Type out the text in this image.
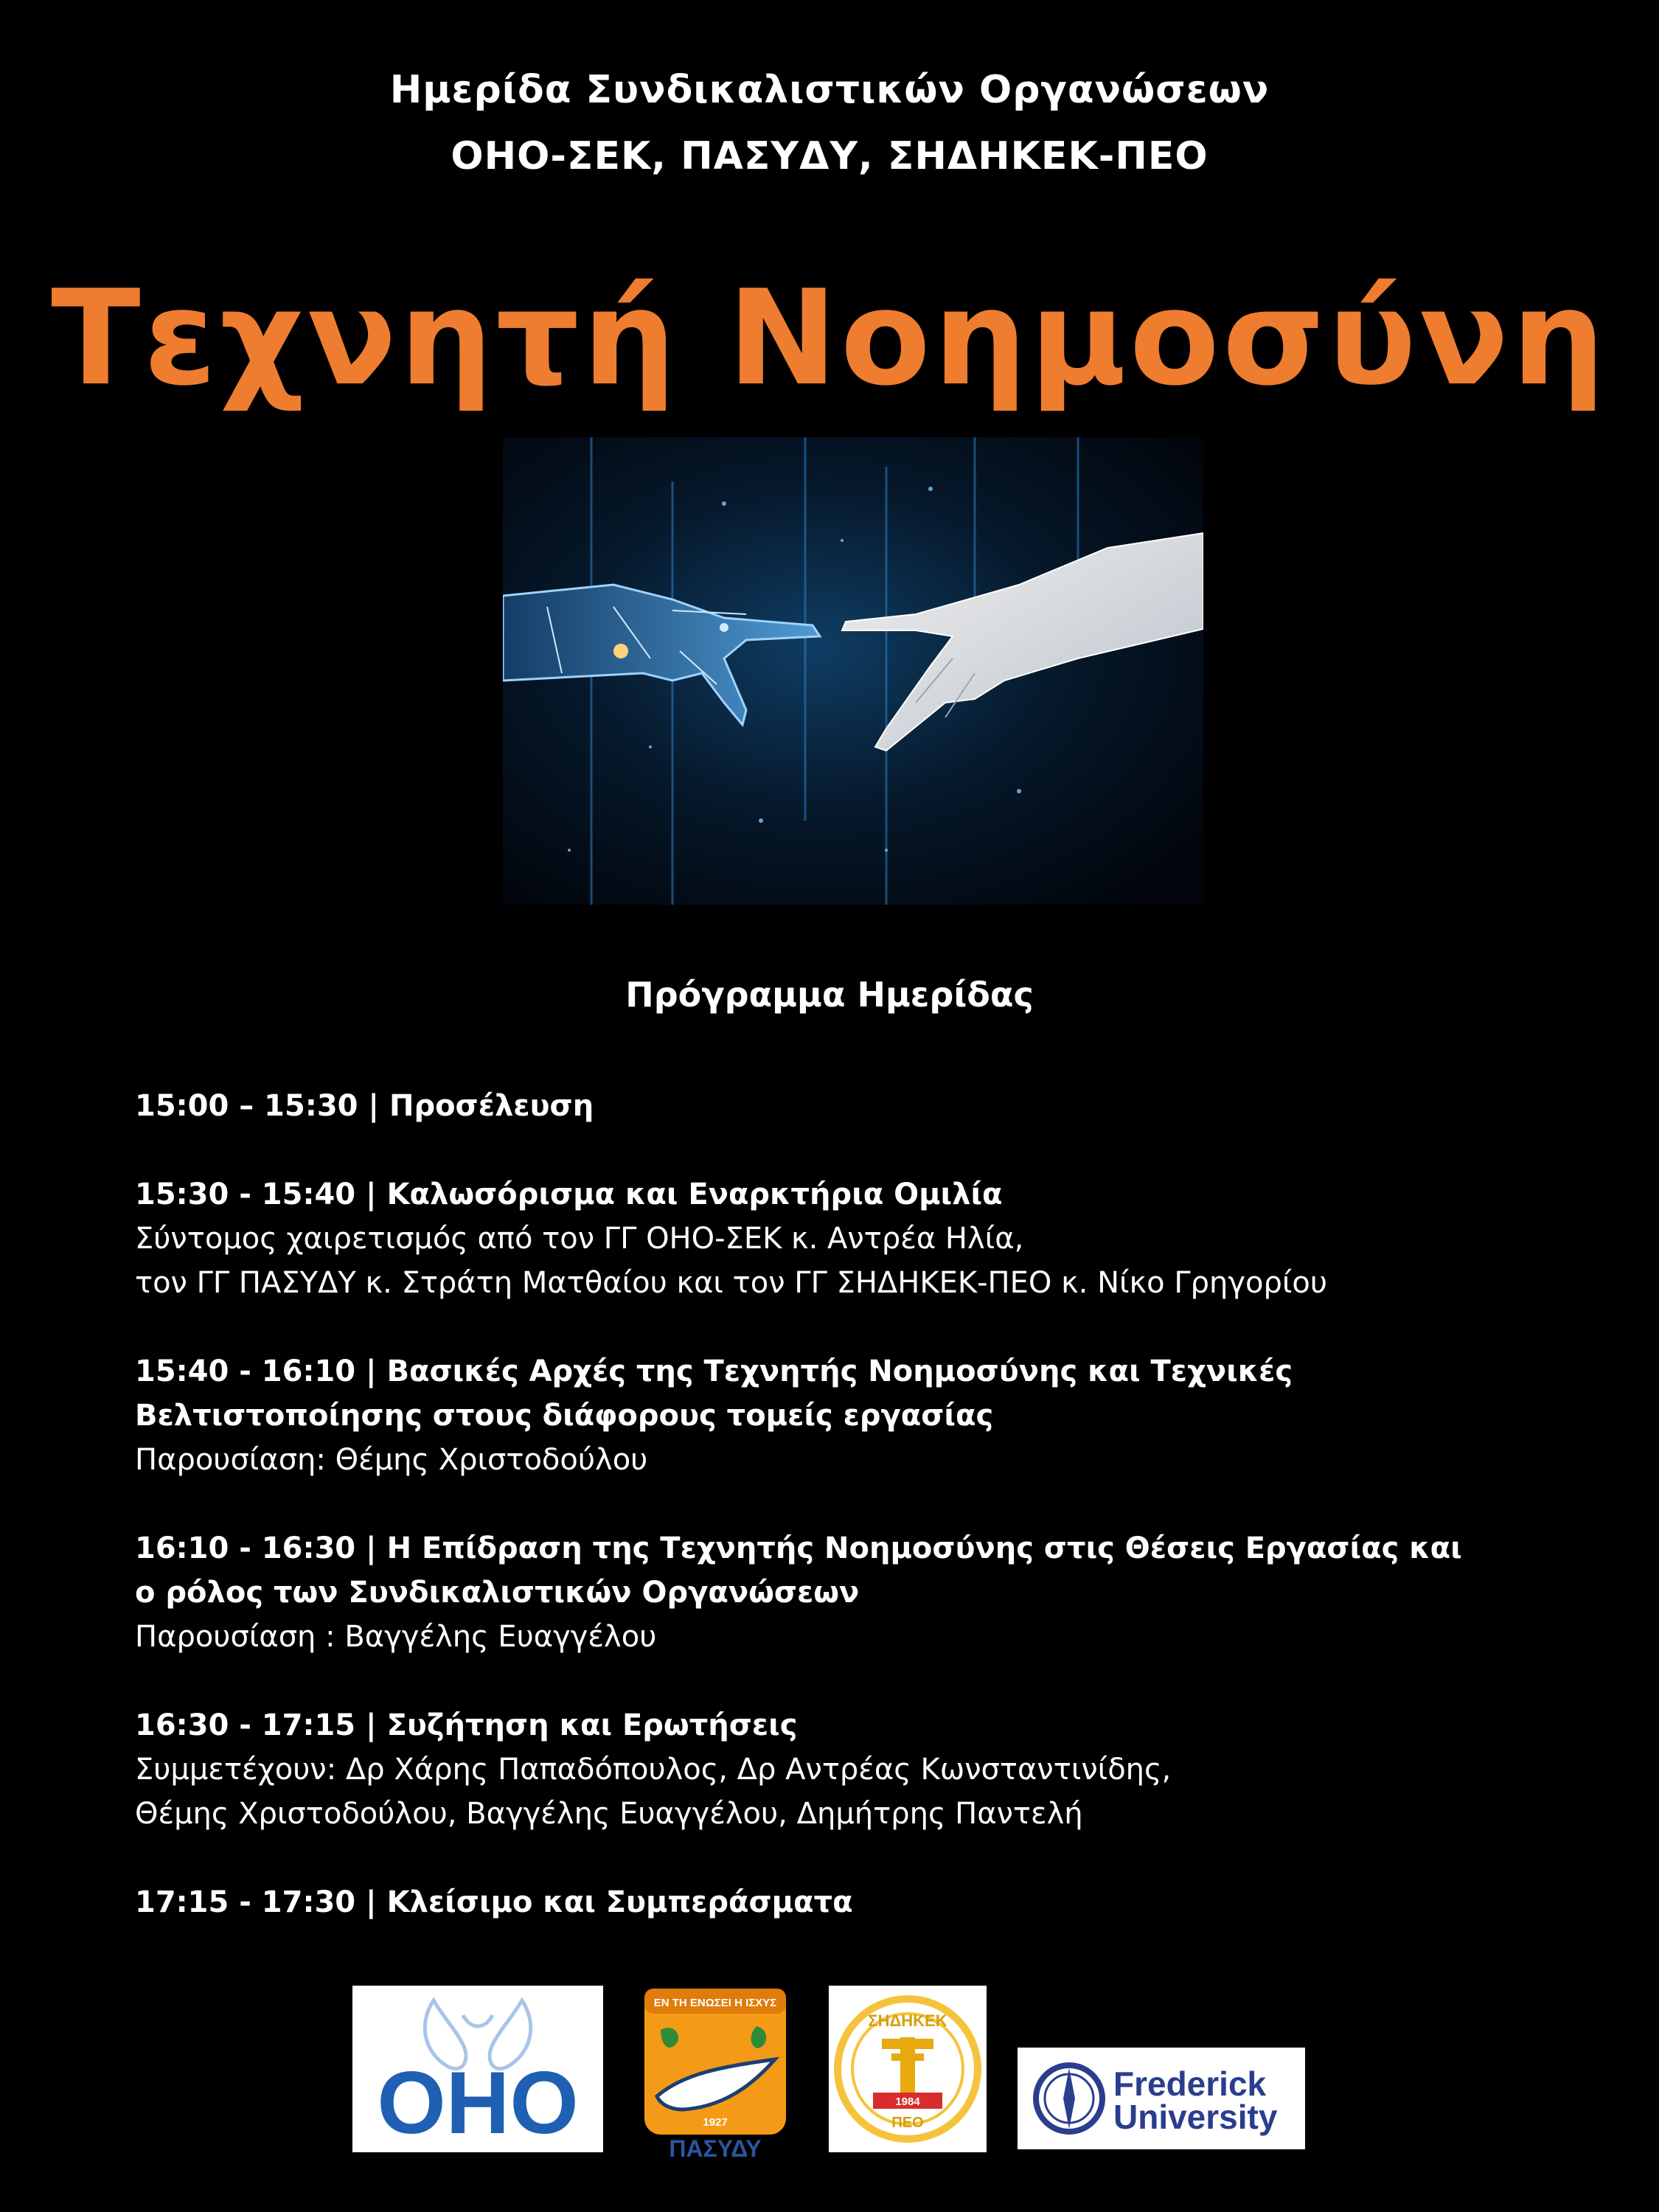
Ημερίδα Συνδικαλιστικών Οργανώσεων
ΟΗΟ-ΣΕΚ, ΠΑΣΥΔΥ, ΣΗΔΗΚΕΚ-ΠΕΟ
Τεχνητή Νοημοσύνη
Πρόγραμμα Ημερίδας
15:00 – 15:30 | Προσέλευση
15:30 - 15:40 | Καλωσόρισμα και Εναρκτήρια Ομιλία
Σύντομος χαιρετισμός από τον ΓΓ ΟΗΟ-ΣΕΚ κ. Αντρέα Ηλία,
τον ΓΓ ΠΑΣΥΔΥ κ. Στράτη Ματθαίου και τον ΓΓ ΣΗΔΗΚΕΚ-ΠΕΟ κ. Νίκο Γρηγορίου
15:40 - 16:10 | Βασικές Αρχές της Τεχνητής Νοημοσύνης και Τεχνικές
Βελτιστοποίησης στους διάφορους τομείς εργασίας
Παρουσίαση: Θέμης Χριστοδούλου
16:10 - 16:30 | Η Επίδραση της Τεχνητής Νοημοσύνης στις Θέσεις Εργασίας και
ο ρόλος των Συνδικαλιστικών Οργανώσεων
Παρουσίαση : Βαγγέλης Ευαγγέλου
16:30 - 17:15 | Συζήτηση και Ερωτήσεις
Συμμετέχουν: Δρ Χάρης Παπαδόπουλος, Δρ Αντρέας Κωνσταντινίδης,
Θέμης Χριστοδούλου, Βαγγέλης Ευαγγέλου, Δημήτρης Παντελή
17:15 - 17:30 | Κλείσιμο και Συμπεράσματα
ΟΗΟ
ΕΝ ΤΗ ΕΝΩΣΕΙ Η ΙΣΧΥΣ
1927
ΠΑΣΥΔΥ
ΣΗΔΗΚΕΚ
1984
ΠΕΟ
Frederick
University
